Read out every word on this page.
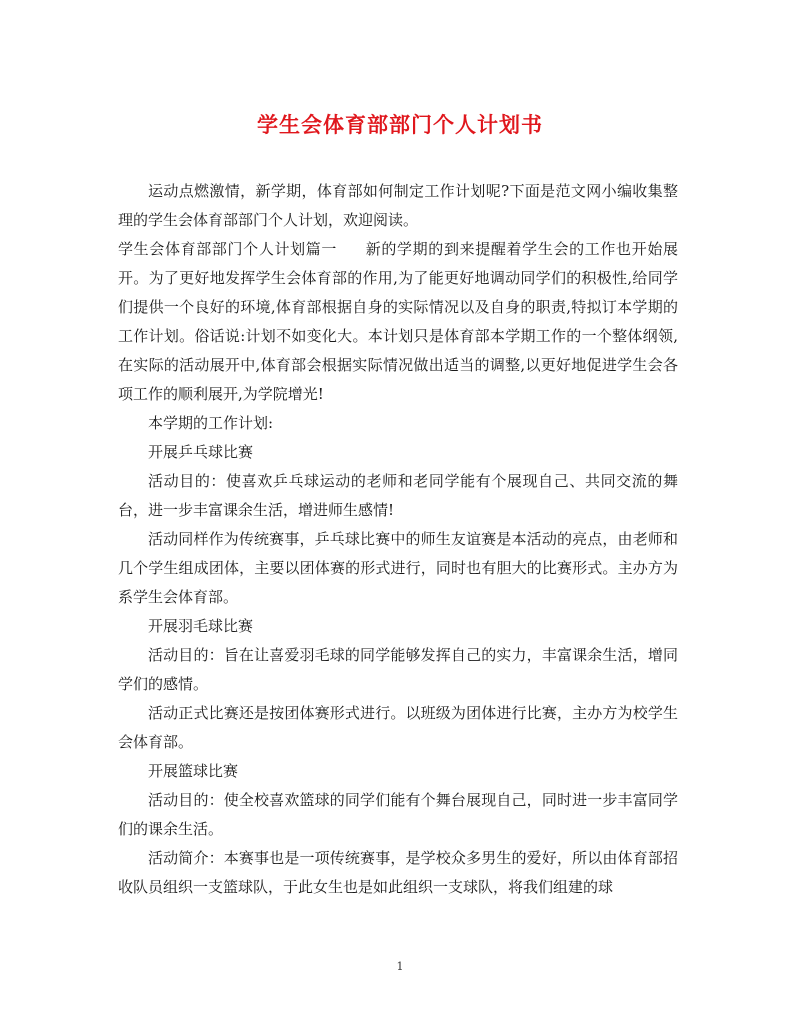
学生会体育部部门个人计划书

运动点燃激情，新学期，体育部如何制定工作计划呢?下面是范文网小编收集整理的学生会体育部部门个人计划，欢迎阅读。

学生会体育部部门个人计划篇一 新的学期的到来提醒着学生会的工作也开始展开。为了更好地发挥学生会体育部的作用,为了能更好地调动同学们的积极性,给同学们提供一个良好的环境,体育部根据自身的实际情况以及自身的职责,特拟订本学期的工作计划。俗话说:计划不如变化大。本计划只是体育部本学期工作的一个整体纲领,在实际的活动展开中,体育部会根据实际情况做出适当的调整,以更好地促进学生会各项工作的顺利展开,为学院增光!

本学期的工作计划:

开展乒乓球比赛

活动目的：使喜欢乒乓球运动的老师和老同学能有个展现自己、共同交流的舞台，进一步丰富课余生活，增进师生感情!

活动同样作为传统赛事，乒乓球比赛中的师生友谊赛是本活动的亮点，由老师和几个学生组成团体，主要以团体赛的形式进行，同时也有胆大的比赛形式。主办方为系学生会体育部。

开展羽毛球比赛

活动目的：旨在让喜爱羽毛球的同学能够发挥自己的实力，丰富课余生活，增同学们的感情。

活动正式比赛还是按团体赛形式进行。以班级为团体进行比赛，主办方为校学生会体育部。

开展篮球比赛

活动目的：使全校喜欢篮球的同学们能有个舞台展现自己，同时进一步丰富同学们的课余生活。

活动简介：本赛事也是一项传统赛事，是学校众多男生的爱好，所以由体育部招收队员组织一支篮球队，于此女生也是如此组织一支球队，将我们组建的球

1
